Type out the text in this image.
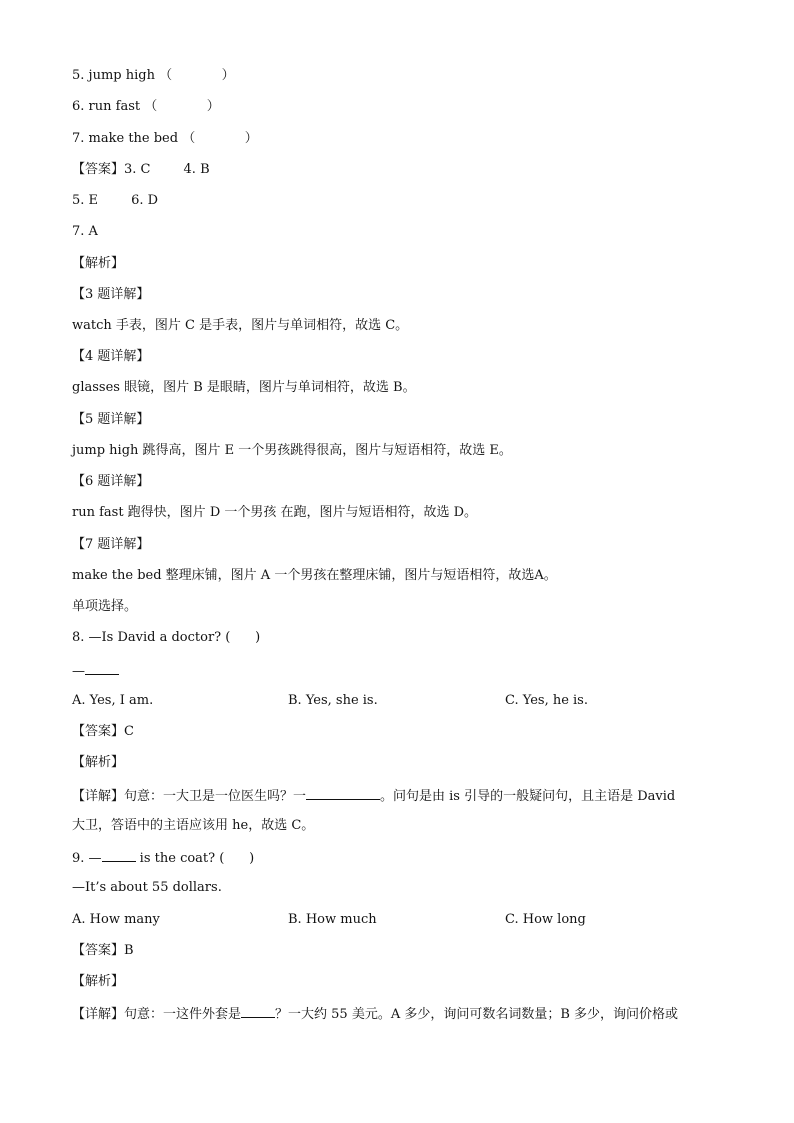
5. jump high （            ）
6. run fast （            ）
7. make the bed （            ）
【答案】3. C        4. B
5. E        6. D
7. A
【解析】
【3 题详解】
watch 手表，图片 C 是手表，图片与单词相符，故选 C。
【4 题详解】
glasses 眼镜，图片 B 是眼睛，图片与单词相符，故选 B。
【5 题详解】
jump high 跳得高，图片 E 一个男孩跳得很高，图片与短语相符，故选 E。
【6 题详解】
run fast 跑得快，图片 D 一个男孩 在跑，图片与短语相符，故选 D。
【7 题详解】
make the bed 整理床铺，图片 A 一个男孩在整理床铺，图片与短语相符，故选A。
单项选择。
8. —Is David a doctor? (      )
—
A. Yes, I am.	B. Yes, she is.	C. Yes, he is.
【答案】C
【解析】
【详解】句意：一大卫是一位医生吗？一	。问句是由 is 引导的一般疑问句，且主语是 David
大卫，答语中的主语应该用 he，故选 C。
9. —	is the coat? (      )
—It’s about 55 dollars.
A. How many	B. How much	C. How long
【答案】B
【解析】
【详解】句意：一这件外套是	？一大约 55 美元。A 多少，询问可数名词数量；B 多少，询问价格或
